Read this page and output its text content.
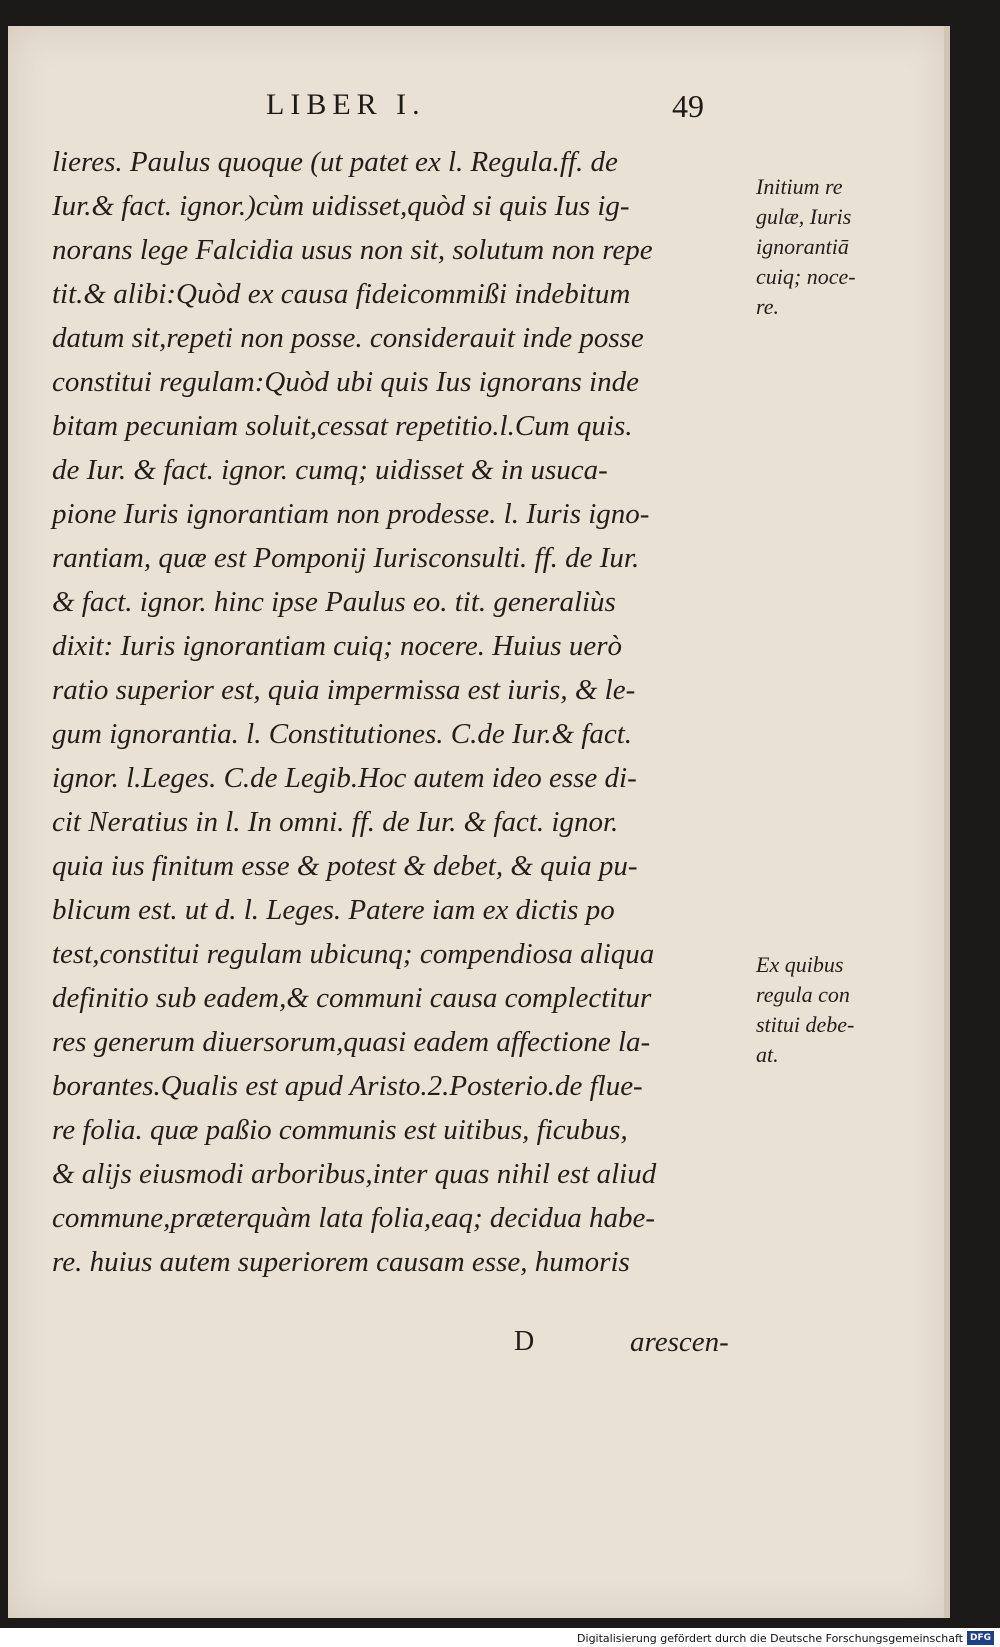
LIBER I.	49
lieres. Paulus quoque (ut patet ex l. Regula.ff. de
Iur.& fact. ignor.)cùm uidisset,quòd si quis Ius ig-
norans lege Falcidia usus non sit, solutum non repe
tit.& alibi:Quòd ex causa fideicommißi indebitum
datum sit,repeti non posse. considerauit inde posse
constitui regulam:Quòd ubi quis Ius ignorans inde
bitam pecuniam soluit,cessat repetitio.l.Cum quis.
de Iur. & fact. ignor. cumq; uidisset & in usuca-
pione Iuris ignorantiam non prodesse. l. Iuris igno-
rantiam, quæ est Pomponij Iurisconsulti. ff. de Iur.
& fact. ignor. hinc ipse Paulus eo. tit. generaliùs
dixit: Iuris ignorantiam cuiq; nocere. Huius uerò
ratio superior est, quia impermissa est iuris, & le-
gum ignorantia. l. Constitutiones. C.de Iur.& fact.
ignor. l.Leges. C.de Legib.Hoc autem ideo esse di-
cit Neratius in l. In omni. ff. de Iur. & fact. ignor.
quia ius finitum esse & potest & debet, & quia pu-
blicum est. ut d. l. Leges. Patere iam ex dictis po
test,constitui regulam ubicunq; compendiosa aliqua
definitio sub eadem,& communi causa complectitur
res generum diuersorum,quasi eadem affectione la-
borantes.Qualis est apud Aristo.2.Posterio.de flue-
re folia. quæ paßio communis est uitibus, ficubus,
& alijs eiusmodi arboribus,inter quas nihil est aliud
commune,præterquàm lata folia,eaq; decidua habe-
re. huius autem superiorem causam esse, humoris
Initium re
gulæ, Iuris
ignorantiā
cuiq; noce-
re.
Ex quibus
regula con
stitui debe-
at.
D	arescen-
Digitalisierung gefördert durch die Deutsche Forschungsgemeinschaft DFG
